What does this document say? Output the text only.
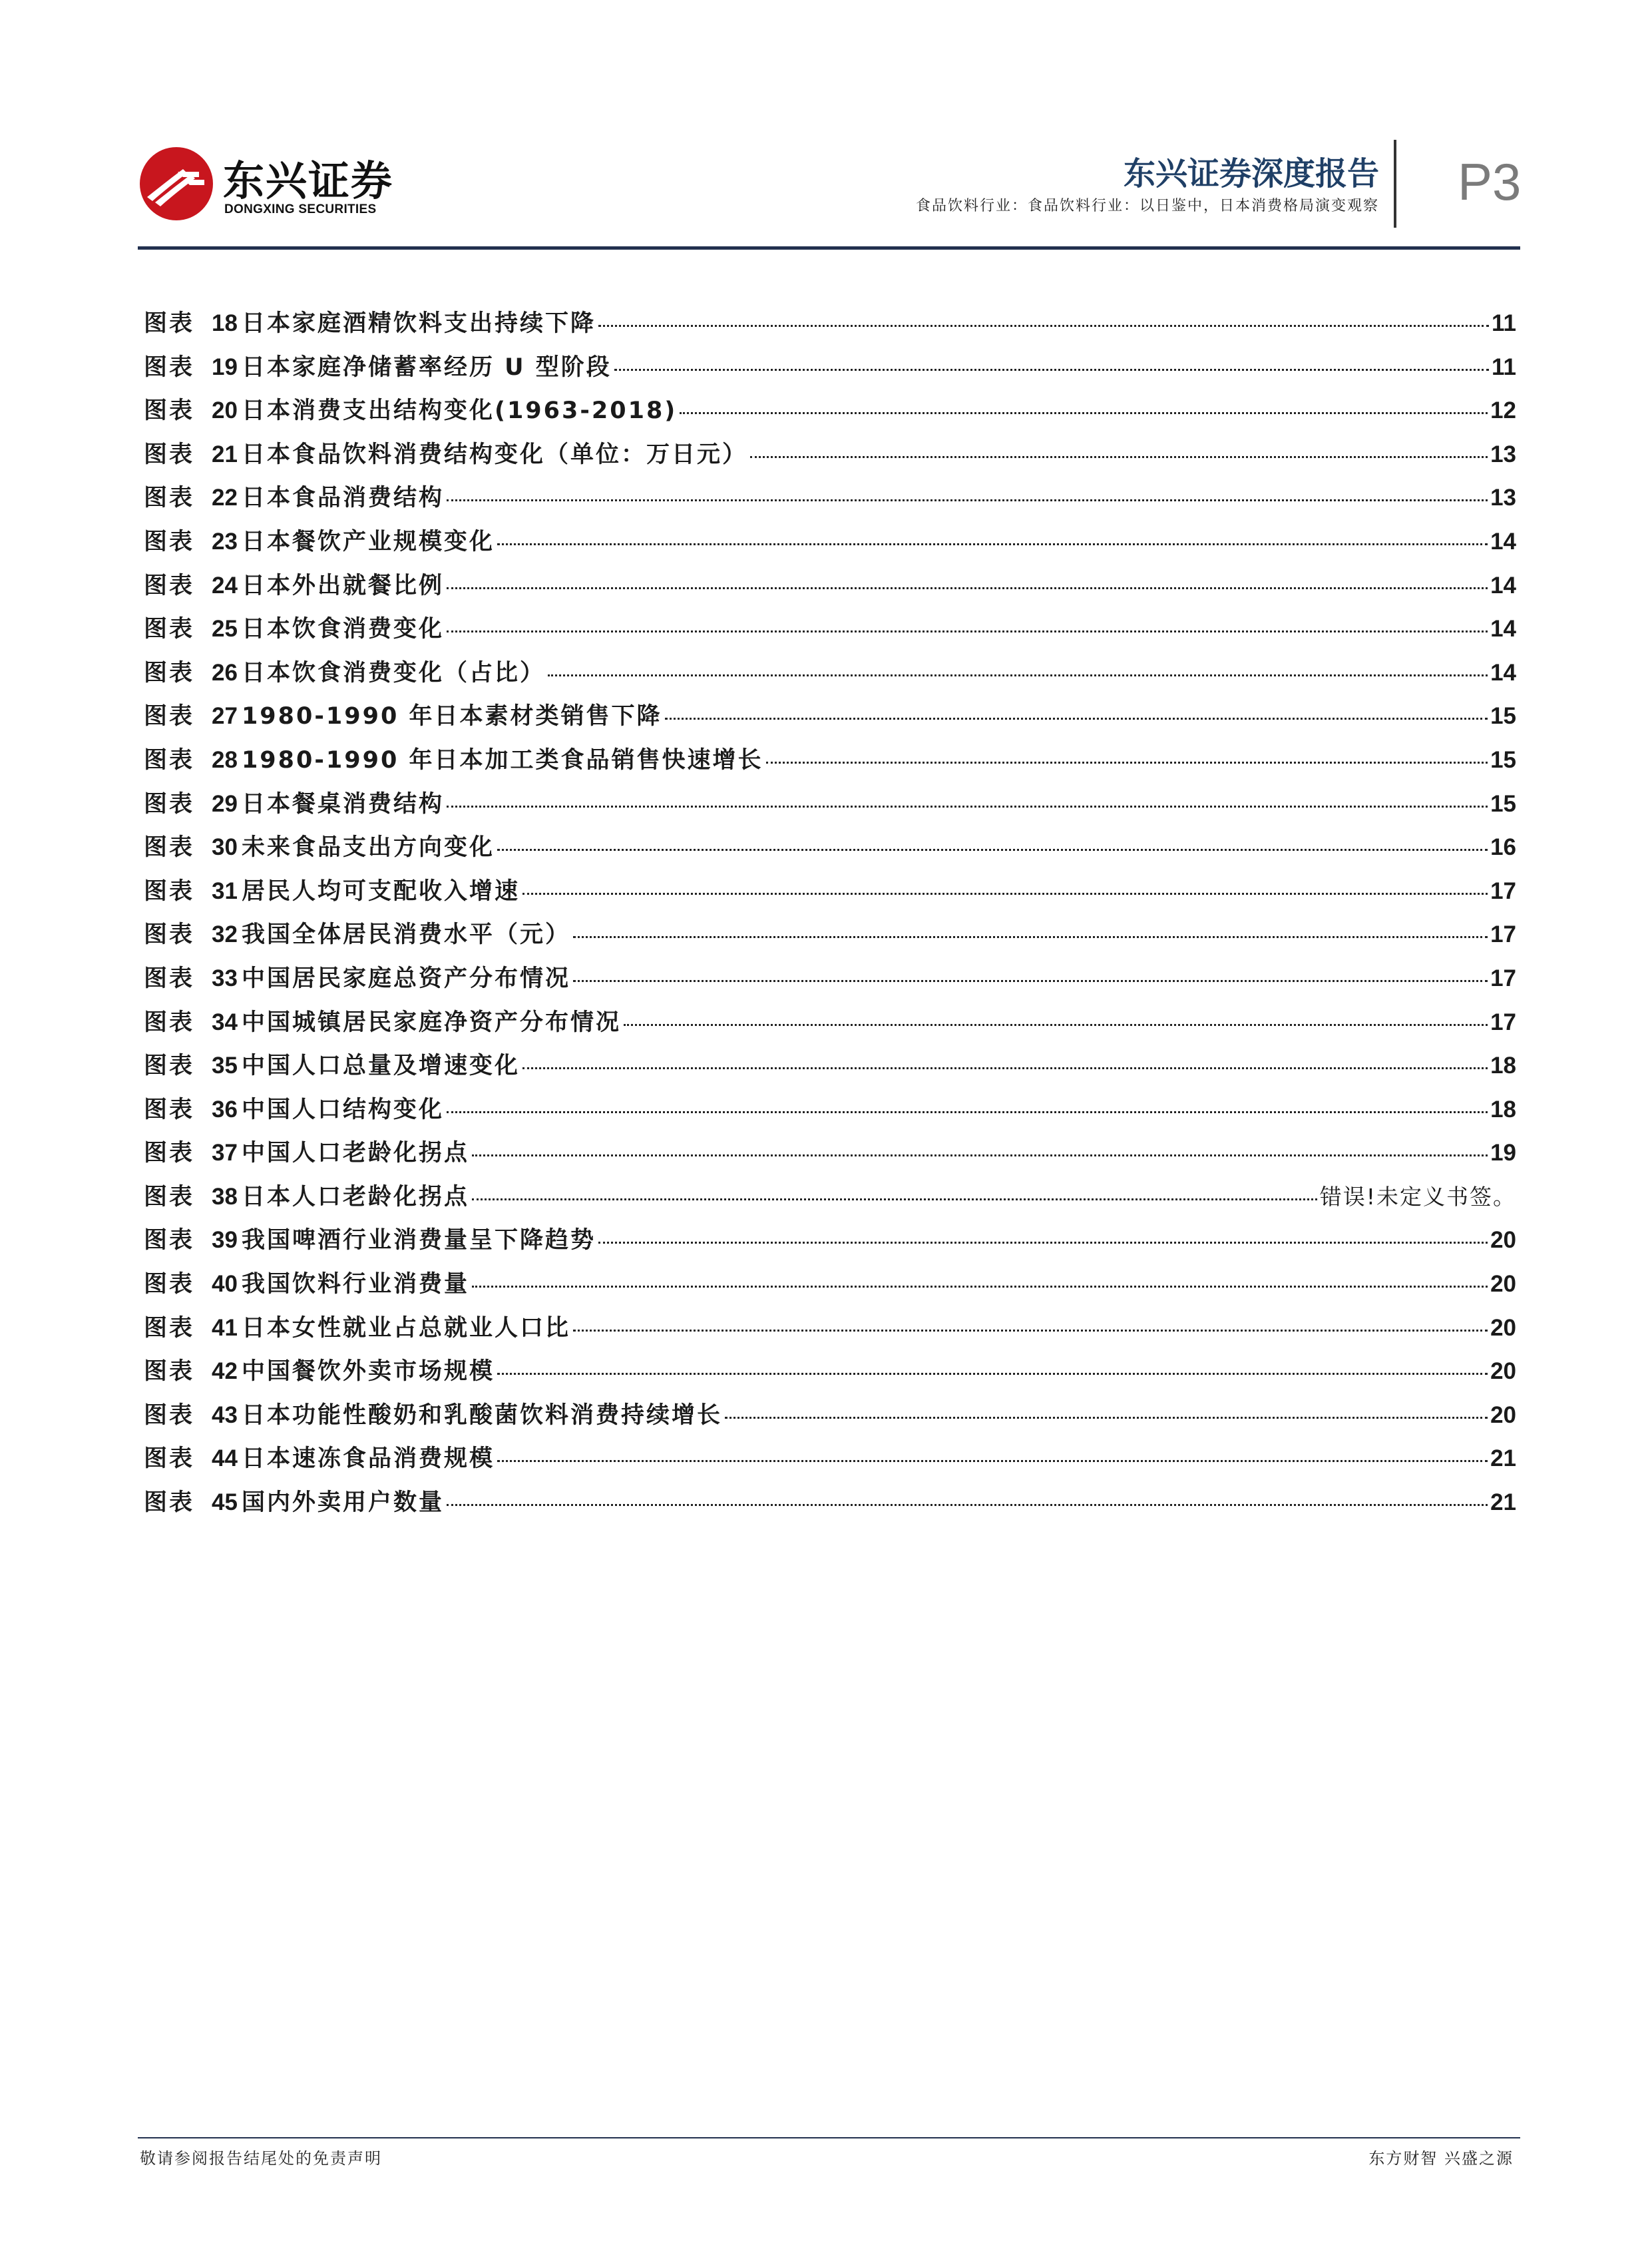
东兴证券
DONGXING SECURITIES
东兴证券深度报告
食品饮料行业：食品饮料行业：以日鉴中，日本消费格局演变观察 P3
图表 18 日本家庭酒精饮料支出持续下降	11
图表 19 日本家庭净储蓄率经历 U 型阶段	11
图表 20 日本消费支出结构变化(1963-2018)	12
图表 21 日本食品饮料消费结构变化（单位：万日元）	13
图表 22 日本食品消费结构	13
图表 23 日本餐饮产业规模变化	14
图表 24 日本外出就餐比例	14
图表 25 日本饮食消费变化	14
图表 26 日本饮食消费变化（占比）	14
图表 27 1980-1990 年日本素材类销售下降	15
图表 28 1980-1990 年日本加工类食品销售快速增长	15
图表 29 日本餐桌消费结构	15
图表 30 未来食品支出方向变化	16
图表 31 居民人均可支配收入增速	17
图表 32 我国全体居民消费水平（元）	17
图表 33 中国居民家庭总资产分布情况	17
图表 34 中国城镇居民家庭净资产分布情况	17
图表 35 中国人口总量及增速变化	18
图表 36 中国人口结构变化	18
图表 37 中国人口老龄化拐点	19
图表 38 日本人口老龄化拐点	错误!未定义书签。
图表 39 我国啤酒行业消费量呈下降趋势	20
图表 40 我国饮料行业消费量	20
图表 41 日本女性就业占总就业人口比	20
图表 42 中国餐饮外卖市场规模	20
图表 43 日本功能性酸奶和乳酸菌饮料消费持续增长	20
图表 44 日本速冻食品消费规模	21
图表 45 国内外卖用户数量	21
敬请参阅报告结尾处的免责声明	东方财智 兴盛之源
